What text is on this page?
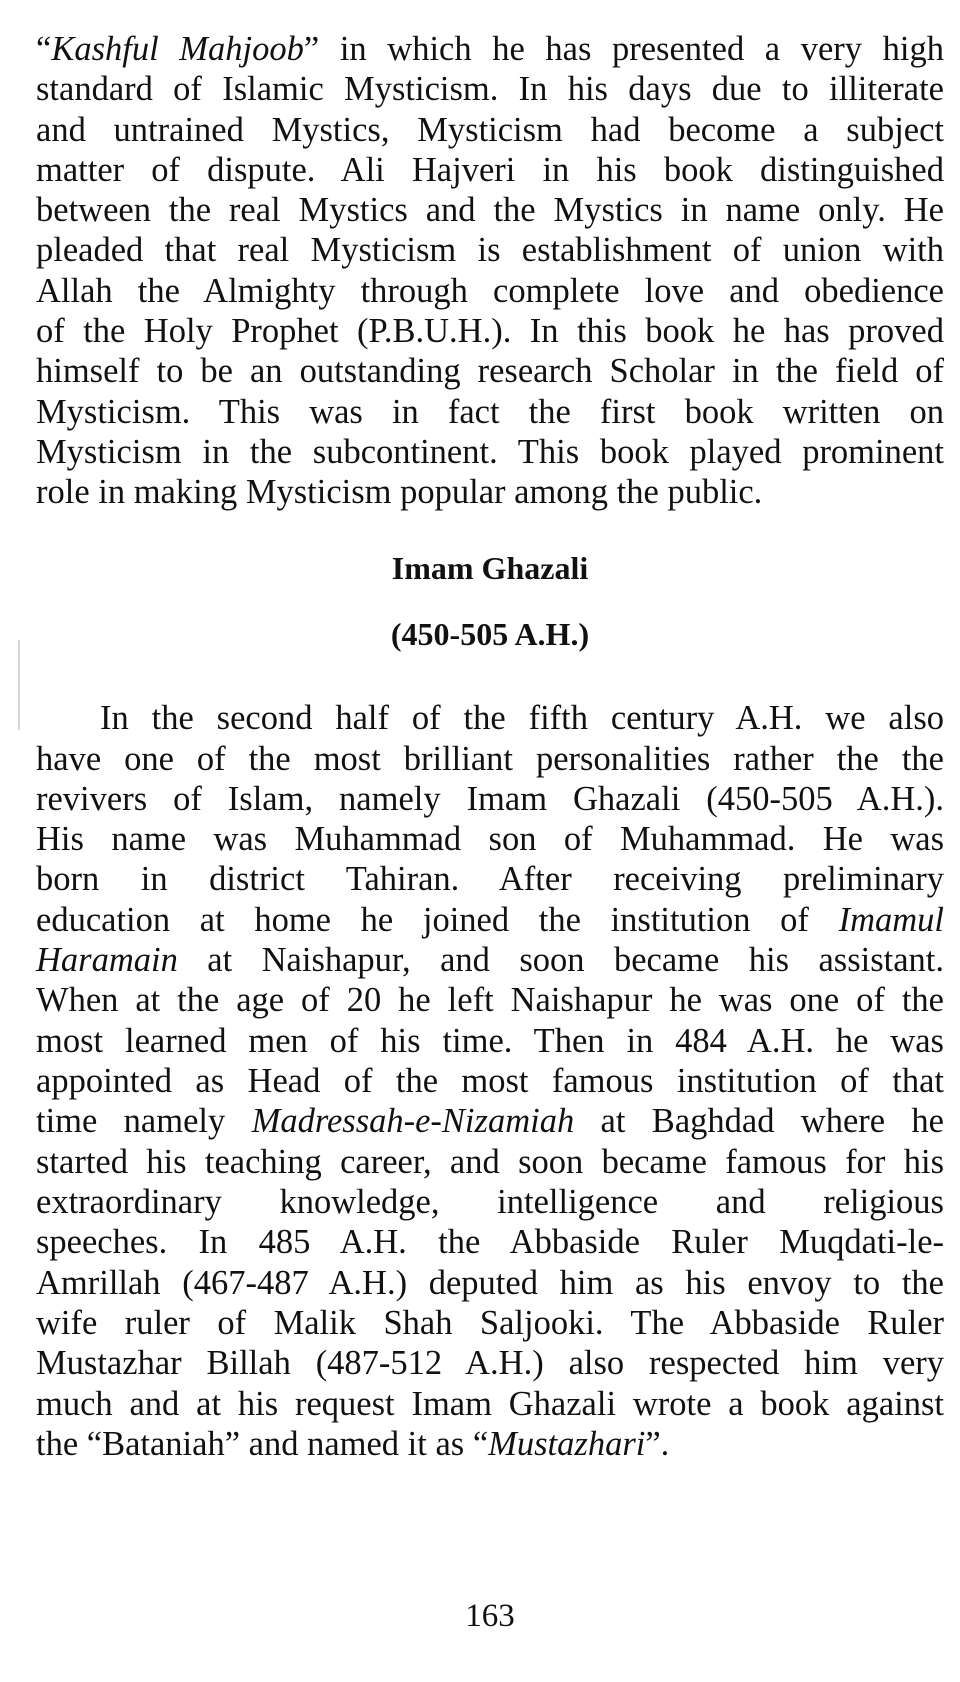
“Kashful Mahjoob” in which he has presented a very high
standard of Islamic Mysticism. In his days due to illiterate
and untrained Mystics, Mysticism had become a subject
matter of dispute. Ali Hajveri in his book distinguished
between the real Mystics and the Mystics in name only. He
pleaded that real Mysticism is establishment of union with
Allah the Almighty through complete love and obedience
of the Holy Prophet (P.B.U.H.). In this book he has proved
himself to be an outstanding research Scholar in the field of
Mysticism. This was in fact the first book written on
Mysticism in the subcontinent. This book played prominent
role in making Mysticism popular among the public.
Imam Ghazali
(450-505 A.H.)
In the second half of the fifth century A.H. we also
have one of the most brilliant personalities rather the the
revivers of Islam, namely Imam Ghazali (450-505 A.H.).
His name was Muhammad son of Muhammad. He was
born in district Tahiran. After receiving preliminary
education at home he joined the institution of Imamul
Haramain at Naishapur, and soon became his assistant.
When at the age of 20 he left Naishapur he was one of the
most learned men of his time. Then in 484 A.H. he was
appointed as Head of the most famous institution of that
time namely Madressah-e-Nizamiah at Baghdad where he
started his teaching career, and soon became famous for his
extraordinary knowledge, intelligence and religious
speeches. In 485 A.H. the Abbaside Ruler Muqdati-le-
Amrillah (467-487 A.H.) deputed him as his envoy to the
wife ruler of Malik Shah Saljooki. The Abbaside Ruler
Mustazhar Billah (487-512 A.H.) also respected him very
much and at his request Imam Ghazali wrote a book against
the “Bataniah” and named it as “Mustazhari”.
163
